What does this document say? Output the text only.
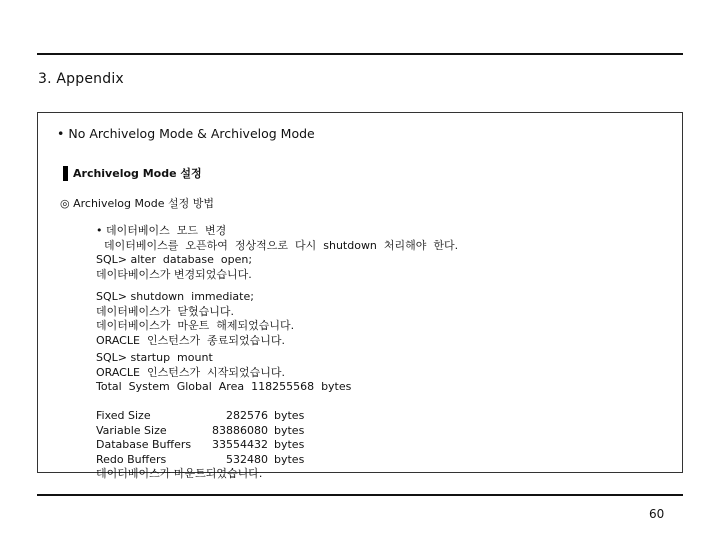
3. Appendix
• No Archivelog Mode & Archivelog Mode
Archivelog Mode 설정
◎ Archivelog Mode 설정 방법
• 데이터베이스  모드  변경
데이터베이스를  오픈하여  정상적으로  다시  shutdown  처리해야  한다.
SQL> alter  database  open;
데이타베이스가 변경되었습니다.
SQL> shutdown  immediate;
데이터베이스가  닫혔습니다.
데이터베이스가  마운트  해제되었습니다.
ORACLE  인스턴스가  종료되었습니다.
SQL> startup  mount
ORACLE  인스턴스가  시작되었습니다.
Total  System  Global  Area  118255568  bytes
Fixed Size	282576 bytes
Variable Size	83886080 bytes
Database Buffers	33554432 bytes
Redo Buffers	532480 bytes
데이터베이스가 마운트되었습니다.
60
